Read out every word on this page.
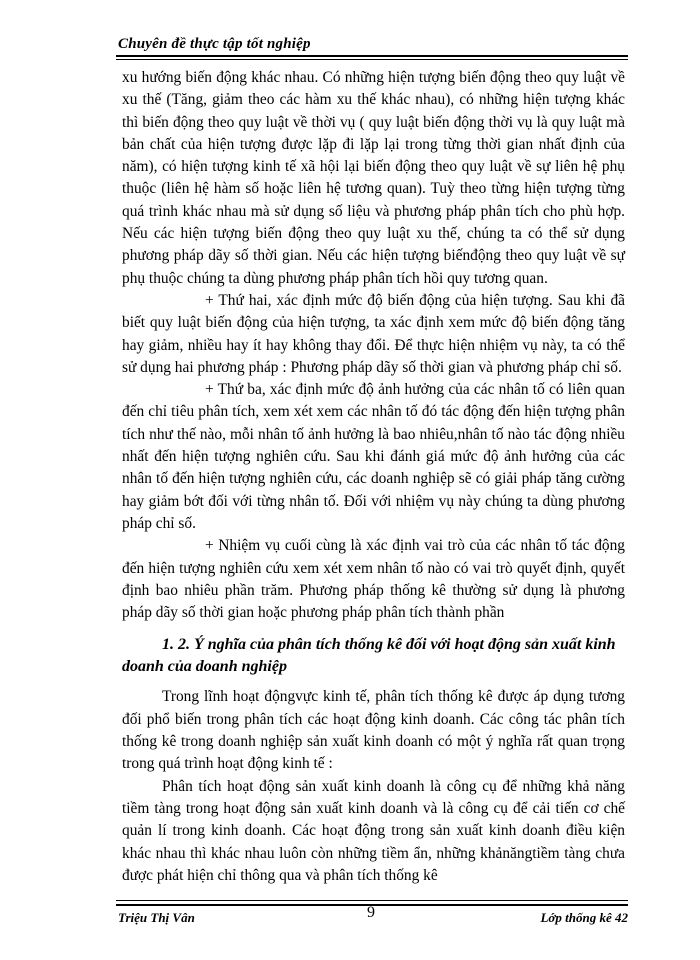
Chuyên đề thực tập tốt nghiệp

xu hướng biến động khác nhau. Có những hiện tượng biến động theo quy luật về xu thế (Tăng, giảm theo các hàm xu thế khác nhau), có những hiện tượng khác thì biến động theo quy luật về thời vụ ( quy luật biến động thời vụ là quy luật mà bản chất của hiện tượng được lặp đi lặp lại trong từng thời gian nhất định của năm), có hiện tượng kinh tế xã hội lại biến động theo quy luật về sự liên hệ phụ thuộc (liên hệ hàm số hoặc liên hệ tương quan). Tuỳ theo từng hiện tượng từng quá trình khác nhau mà sử dụng số liệu và phương pháp phân tích cho phù hợp. Nếu các hiện tượng biến động theo quy luật xu thế, chúng ta có thể sử dụng phương pháp dãy số thời gian. Nếu các hiện tượng biếnđộng theo quy luật về sự phụ thuộc chúng ta dùng phương pháp phân tích hồi quy tương quan.

+ Thứ hai, xác định mức độ biến động của hiện tượng. Sau khi đã biết quy luật biến động của hiện tượng, ta xác định xem mức độ biến động tăng hay giảm, nhiều hay ít hay không thay đổi. Để thực hiện nhiệm vụ này, ta có thể sử dụng hai phương pháp : Phương pháp dãy số thời gian và phương pháp chỉ số.

+ Thứ ba, xác định mức độ ảnh hưởng của các nhân tố có liên quan đến chỉ tiêu phân tích, xem xét xem các nhân tố đó tác động đến hiện tượng phân tích như thế nào, mỗi nhân tố ảnh hưởng là bao nhiêu,nhân tố nào tác động nhiều nhất đến hiện tượng nghiên cứu. Sau khi đánh giá mức độ ảnh hưởng của các nhân tố đến hiện tượng nghiên cứu, các doanh nghiệp sẽ có giải pháp tăng cường hay giảm bớt đối với từng nhân tố. Đối với nhiệm vụ này chúng ta dùng phương pháp chỉ số.

+ Nhiệm vụ cuối cùng là xác định vai trò của các nhân tố tác động đến hiện tượng nghiên cứu xem xét xem nhân tố nào có vai trò quyết định, quyết định bao nhiêu phần trăm. Phương pháp thống kê thường sử dụng là phương pháp dãy số thời gian hoặc phương pháp phân tích thành phần

1. 2. Ý nghĩa của phân tích thống kê đối với hoạt động sản xuất kinh doanh của doanh nghiệp

Trong lĩnh hoạt độngvực kinh tế, phân tích thống kê được áp dụng tương đối phổ biến trong phân tích các hoạt động kinh doanh. Các công tác phân tích thống kê trong doanh nghiệp sản xuất kinh doanh có một ý nghĩa rất quan trọng trong quá trình hoạt động kinh tế :

Phân tích hoạt động sản xuất kinh doanh là công cụ để những khả năng tiềm tàng trong hoạt động sản xuất kinh doanh và là công cụ để cải tiến cơ chế quản lí trong kinh doanh. Các hoạt động trong sản xuất kinh doanh điều kiện khác nhau thì khác nhau luôn còn những tiềm ẩn, những khảnăngtiềm tàng chưa được phát hiện chỉ thông qua và phân tích thống kê

Triệu Thị Vân	9	Lớp thống kê 42
